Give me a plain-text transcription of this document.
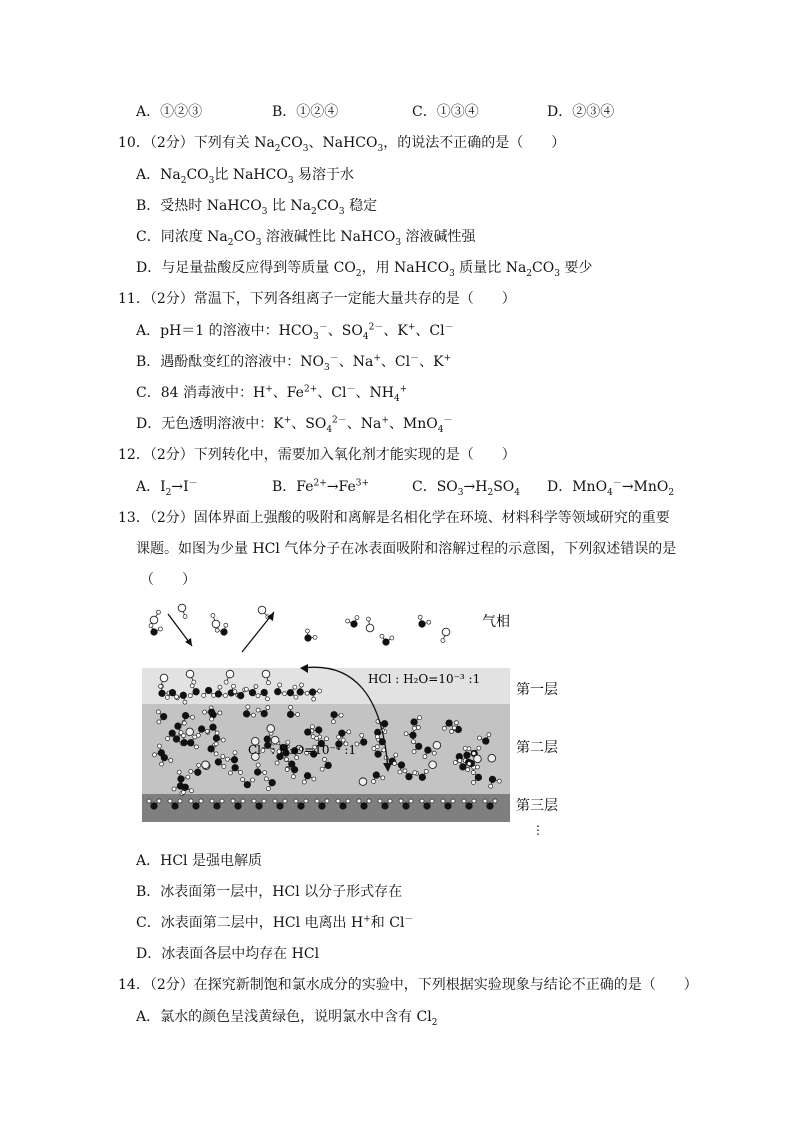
A．①②③	B．①②④	C．①③④	D．②③④
10．（2分）下列有关 $Na_2CO_3$、NaHCO$_3$，的说法不正确的是（　　）
A．$Na_2CO_3$比 NaHCO$_3$ 易溶于水
B．受热时 NaHCO$_3$ 比 $Na_2CO_3$ 稳定
C．同浓度 $Na_2CO_3$ 溶液碱性比 NaHCO$_3$ 溶液碱性强
D．与足量盐酸反应得到等质量 $CO_2$，用 NaHCO$_3$ 质量比 $Na_2CO_3$ 要少
11．（2分）常温下，下列各组离子一定能大量共存的是（　　）
A．pH＝1 的溶液中：$HCO_3^-$、$SO_4^{2-}$、K+、Cl－
B．遇酚酞变红的溶液中：$NO_3^-$、Na+、Cl－、K+
C．84 消毒液中：H+、$Fe^{2+}$、Cl－、$NH_4^+$
D．无色透明溶液中：K+、$SO_4^{2-}$、Na+、MnO$_4$－
12．（2分）下列转化中，需要加入氧化剂才能实现的是（　　）
A．$I_2\to I^-$	B．$Fe^{2+}\to Fe^{3+}$	C．$SO_3\to H_2SO_4$ D．MnO$_4$－→MnO$_2$
13．（2分）固体界面上强酸的吸附和离解是名相化学在环境、材料科学等领域研究的重要
课题。如图为少量 HCl 气体分子在冰表面吸附和溶解过程的示意图，下列叙述错误的是
（　　）
HCl : H₂O=10⁻³ :1
Cl⁻ : H₂O=10⁻⁴ :1
气相
第一层
第二层
第三层
⋮
A．HCl 是强电解质
B．冰表面第一层中，HCl 以分子形式存在
C．冰表面第二层中，HCl 电离出 H+和 Cl－
D．冰表面各层中均存在 HCl
14．（2分）在探究新制饱和氯水成分的实验中，下列根据实验现象与结论不正确的是（　　）
A．氯水的颜色呈浅黄绿色，说明氯水中含有 $Cl_2$
